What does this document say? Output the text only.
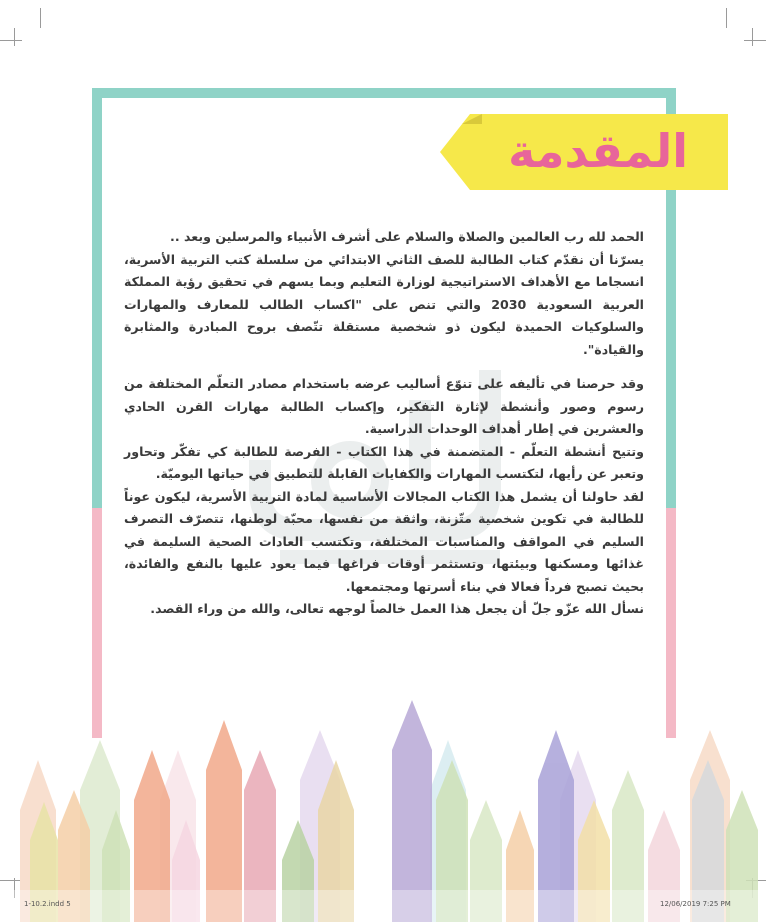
المقدمة

الحمد لله رب العالمين والصلاة والسلام على أشرف الأنبياء والمرسلين وبعد ..

يسرّنا أن نقدّم كتاب الطالبة للصف الثاني الابتدائي من سلسلة كتب التربية الأسرية، انسجاما مع الأهداف الاستراتيجية لوزارة التعليم وبما يسهم في تحقيق رؤية المملكة العربية السعودية 2030 والتي تنص على "اكساب الطالب للمعارف والمهارات والسلوكيات الحميدة ليكون ذو شخصية مستقلة تتّصف بروح المبادرة والمثابرة والقيادة".

وقد حرصنا في تأليفه على تنوّع أساليب عرضه باستخدام مصادر التعلّم المختلفة من رسوم وصور وأنشطة لإثارة التفكير، وإكساب الطالبة مهارات القرن الحادي والعشرين في إطار أهداف الوحدات الدراسية.

وتتيح أنشطة التعلّم - المتضمنة في هذا الكتاب - الفرصة للطالبة كي تفكّر وتحاور وتعبر عن رأيها، لتكتسب المهارات والكفايات القابلة للتطبيق في حياتها اليوميّة.

لقد حاولنا أن يشمل هذا الكتاب المجالات الأساسية لمادة التربية الأسرية، ليكون عوناً للطالبة في تكوين شخصية متّزنة، واثقة من نفسها، محبّة لوطنها، تتصرّف التصرف السليم في المواقف والمناسبات المختلفة، وتكتسب العادات الصحية السليمة في غذائها ومسكنها وبيئتها، وتستثمر أوقات فراغها فيما يعود عليها بالنفع والفائدة، بحيث تصبح فرداً فعالا في بناء أسرتها ومجتمعها.

نسأل الله عزّو جلّ أن يجعل هذا العمل خالصاً لوجهه تعالى، والله من وراء القصد.

1-10.2.indd 5	12/06/2019 7:25 PM
